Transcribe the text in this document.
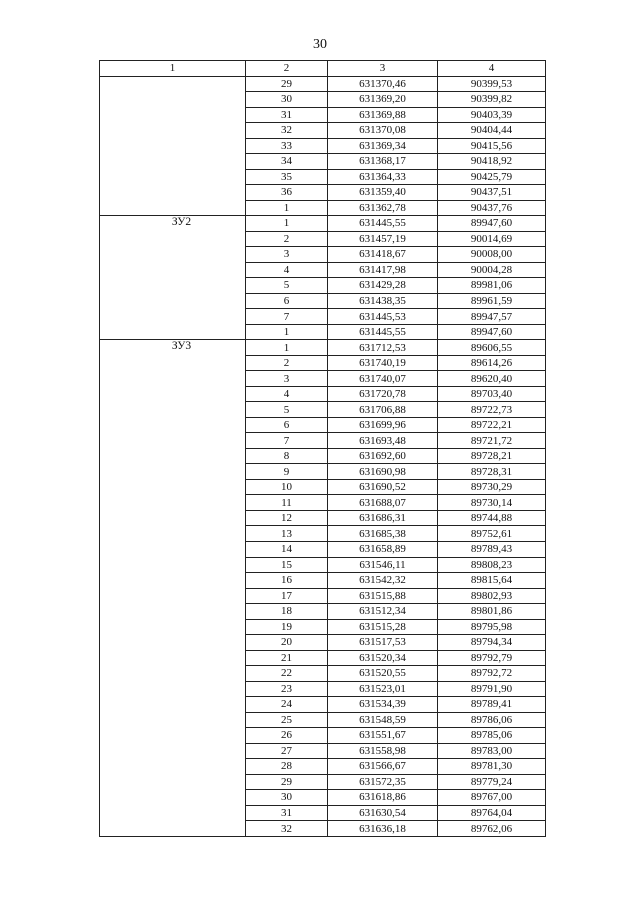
30
1	2	3	4
	29	631370,46	90399,53
	30	631369,20	90399,82
	31	631369,88	90403,39
	32	631370,08	90404,44
	33	631369,34	90415,56
	34	631368,17	90418,92
	35	631364,33	90425,79
	36	631359,40	90437,51
	1	631362,78	90437,76
ЗУ2	1	631445,55	89947,60
	2	631457,19	90014,69
	3	631418,67	90008,00
	4	631417,98	90004,28
	5	631429,28	89981,06
	6	631438,35	89961,59
	7	631445,53	89947,57
	1	631445,55	89947,60
ЗУ3	1	631712,53	89606,55
	2	631740,19	89614,26
	3	631740,07	89620,40
	4	631720,78	89703,40
	5	631706,88	89722,73
	6	631699,96	89722,21
	7	631693,48	89721,72
	8	631692,60	89728,21
	9	631690,98	89728,31
	10	631690,52	89730,29
	11	631688,07	89730,14
	12	631686,31	89744,88
	13	631685,38	89752,61
	14	631658,89	89789,43
	15	631546,11	89808,23
	16	631542,32	89815,64
	17	631515,88	89802,93
	18	631512,34	89801,86
	19	631515,28	89795,98
	20	631517,53	89794,34
	21	631520,34	89792,79
	22	631520,55	89792,72
	23	631523,01	89791,90
	24	631534,39	89789,41
	25	631548,59	89786,06
	26	631551,67	89785,06
	27	631558,98	89783,00
	28	631566,67	89781,30
	29	631572,35	89779,24
	30	631618,86	89767,00
	31	631630,54	89764,04
	32	631636,18	89762,06
